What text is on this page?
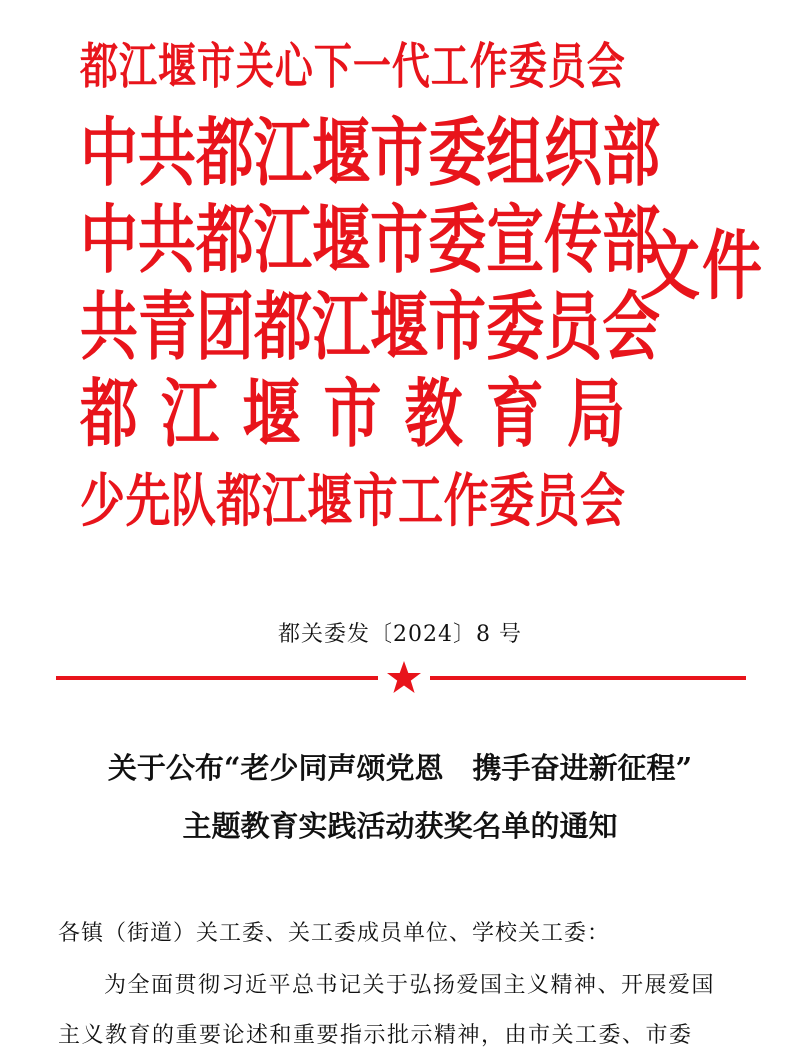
都 江 堰 市 关 心 下 一 代 工 作 委 员 会
中 共 都 江 堰 市 委 组 织 部
中 共 都 江 堰 市 委 宣 传 部
共 青 团 都 江 堰 市 委 员 会
都 江 堰 市 教 育 局
少 先 队 都 江 堰 市 工 作 委 员 会
文件
都关委发〔2024〕8 号
关于公布“老少同声颂党恩　携手奋进新征程”
主题教育实践活动获奖名单的通知
各镇（街道）关工委、关工委成员单位、学校关工委：
为全面贯彻习近平总书记关于弘扬爱国主义精神、开展爱国
主义教育的重要论述和重要指示批示精神，由市关工委、市委
